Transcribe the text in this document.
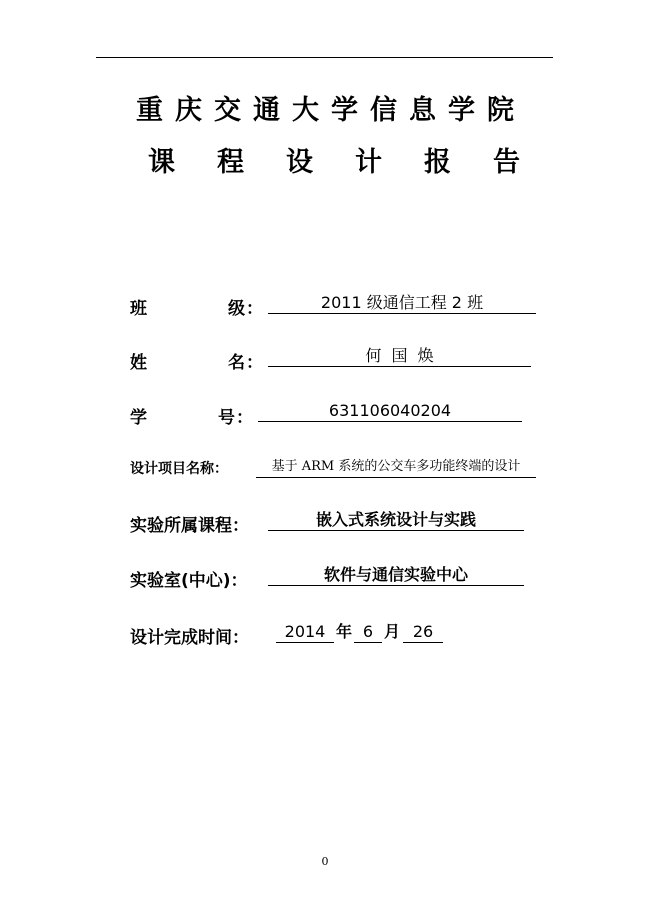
重庆交通大学信息学院
课程设计报告
班	级 ：	2011 级通信工程 2 班
姓	名 ：	何  国  焕
学	号 ：	631106040204
设计项目名称：	基于 ARM 系统的公交车多功能终端的设计
实验所属课程：	嵌入式系统设计与实践
实验室(中心)：	软件与通信实验中心
设计完成时间：	2014 年 6 月 26
0
